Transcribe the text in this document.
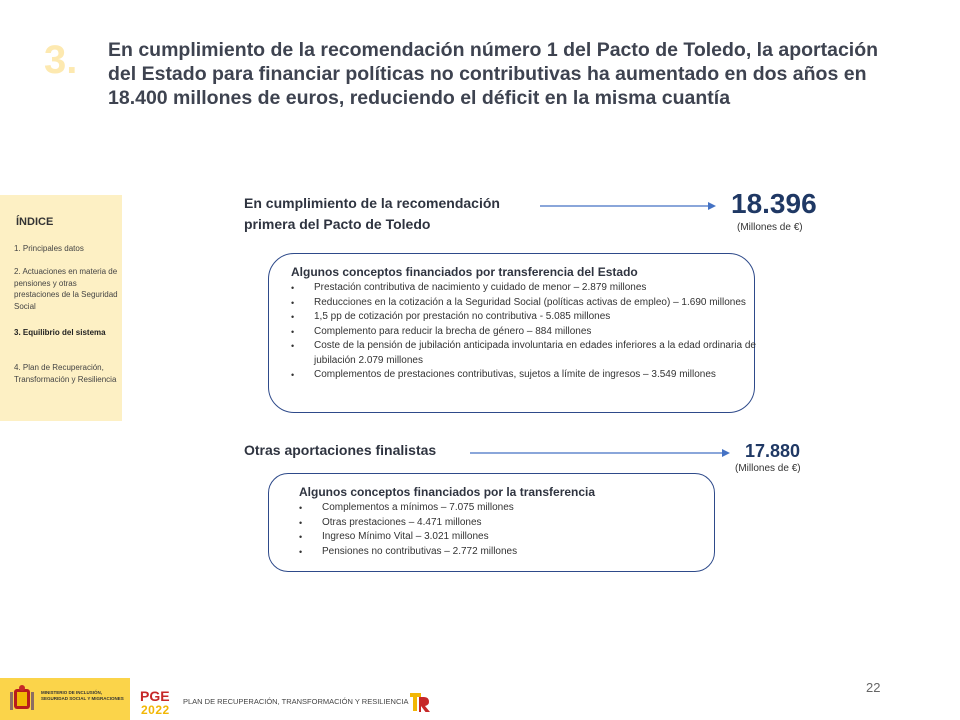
3. En cumplimiento de la recomendación número 1 del Pacto de Toledo, la aportación del Estado para financiar políticas no contributivas ha aumentado en dos años en 18.400 millones de euros, reduciendo el déficit en la misma cuantía
ÍNDICE
1. Principales datos
2. Actuaciones en materia de pensiones y otras prestaciones de la Seguridad Social
3. Equilibrio del sistema
4. Plan de Recuperación, Transformación y Resiliencia
En cumplimiento de la recomendación primera del Pacto de Toledo
18.396
(Millones de €)
Algunos conceptos financiados por transferencia del Estado
• Prestación contributiva de nacimiento y cuidado de menor – 2.879 millones
• Reducciones en la cotización a la Seguridad Social (políticas activas de empleo) – 1.690 millones
• 1,5 pp de cotización por prestación no contributiva - 5.085 millones
• Complemento para reducir la brecha de género – 884 millones
• Coste de la pensión de jubilación anticipada involuntaria en edades inferiores a la edad ordinaria de jubilación 2.079 millones
• Complementos de prestaciones contributivas, sujetos a límite de ingresos – 3.549 millones
Otras aportaciones finalistas	17.880
(Millones de €)
Algunos conceptos financiados por la transferencia
• Complementos a mínimos – 7.075 millones
• Otras prestaciones – 4.471 millones
• Ingreso Mínimo Vital – 3.021 millones
• Pensiones no contributivas – 2.772 millones
22
MINISTERIO DE INCLUSIÓN, SEGURIDAD SOCIAL Y MIGRACIONES PGE
2022
PLAN DE RECUPERACIÓN, TRANSFORMACIÓN Y RESILIENCIA
